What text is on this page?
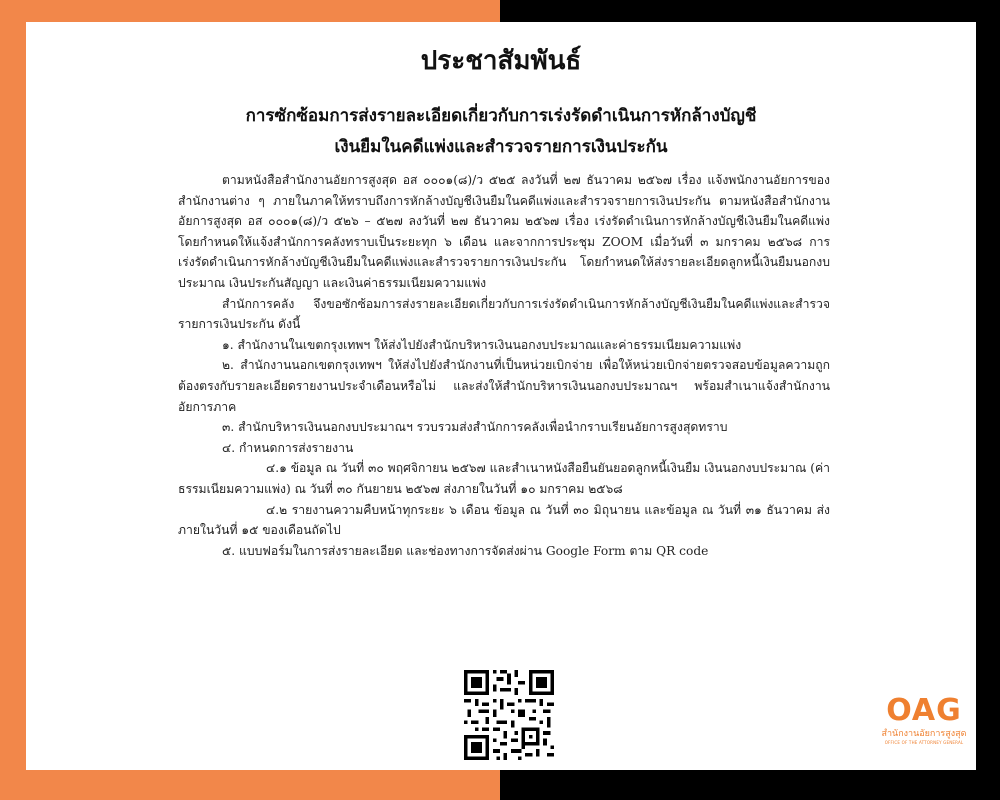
ประชาสัมพันธ์
การซักซ้อมการส่งรายละเอียดเกี่ยวกับการเร่งรัดดำเนินการหักล้างบัญชี
เงินยืมในคดีแพ่งและสำรวจรายการเงินประกัน

ตามหนังสือสำนักงานอัยการสูงสุด อส ๐๐๐๑(๘)/ว ๕๒๕ ลงวันที่ ๒๗ ธันวาคม ๒๕๖๗ เรื่อง แจ้งพนักงานอัยการของสำนักงานต่าง ๆ ภายในภาคให้ทราบถึงการหักล้างบัญชีเงินยืมในคดีแพ่งและสำรวจรายการเงินประกัน ตามหนังสือสำนักงานอัยการสูงสุด อส ๐๐๐๑(๘)/ว ๕๒๖ – ๕๒๗ ลงวันที่ ๒๗ ธันวาคม ๒๕๖๗ เรื่อง เร่งรัดดำเนินการหักล้างบัญชีเงินยืมในคดีแพ่งโดยกำหนดให้แจ้งสำนักการคลังทราบเป็นระยะทุก ๖ เดือน และจากการประชุม ZOOM เมื่อวันที่ ๓ มกราคม ๒๕๖๘ การเร่งรัดดำเนินการหักล้างบัญชีเงินยืมในคดีแพ่งและสำรวจรายการเงินประกัน โดยกำหนดให้ส่งรายละเอียดลูกหนี้เงินยืมนอกงบประมาณ เงินประกันสัญญา และเงินค่าธรรมเนียมความแพ่ง

สำนักการคลัง จึงขอซักซ้อมการส่งรายละเอียดเกี่ยวกับการเร่งรัดดำเนินการหักล้างบัญชีเงินยืมในคดีแพ่งและสำรวจรายการเงินประกัน ดังนี้

๑. สำนักงานในเขตกรุงเทพฯ ให้ส่งไปยังสำนักบริหารเงินนอกงบประมาณและค่าธรรมเนียมความแพ่ง

๒. สำนักงานนอกเขตกรุงเทพฯ ให้ส่งไปยังสำนักงานที่เป็นหน่วยเบิกจ่าย เพื่อให้หน่วยเบิกจ่ายตรวจสอบข้อมูลความถูกต้องตรงกับรายละเอียดรายงานประจำเดือนหรือไม่ และส่งให้สำนักบริหารเงินนอกงบประมาณฯ พร้อมสำเนาแจ้งสำนักงานอัยการภาค

๓. สำนักบริหารเงินนอกงบประมาณฯ รวบรวมส่งสำนักการคลังเพื่อนำกราบเรียนอัยการสูงสุดทราบ

๔. กำหนดการส่งรายงาน

๔.๑ ข้อมูล ณ วันที่ ๓๐ พฤศจิกายน ๒๕๖๗ และสำเนาหนังสือยืนยันยอดลูกหนี้เงินยืม เงินนอกงบประมาณ (ค่าธรรมเนียมความแพ่ง) ณ วันที่ ๓๐ กันยายน ๒๕๖๗ ส่งภายในวันที่ ๑๐ มกราคม ๒๕๖๘

๔.๒ รายงานความคืบหน้าทุกระยะ ๖ เดือน ข้อมูล ณ วันที่ ๓๐ มิถุนายน และข้อมูล ณ วันที่ ๓๑ ธันวาคม ส่งภายในวันที่ ๑๕ ของเดือนถัดไป

๕. แบบฟอร์มในการส่งรายละเอียด และช่องทางการจัดส่งผ่าน Google Form ตาม QR code

OAG
สำนักงานอัยการสูงสุด
OFFICE OF THE ATTORNEY GENERAL
